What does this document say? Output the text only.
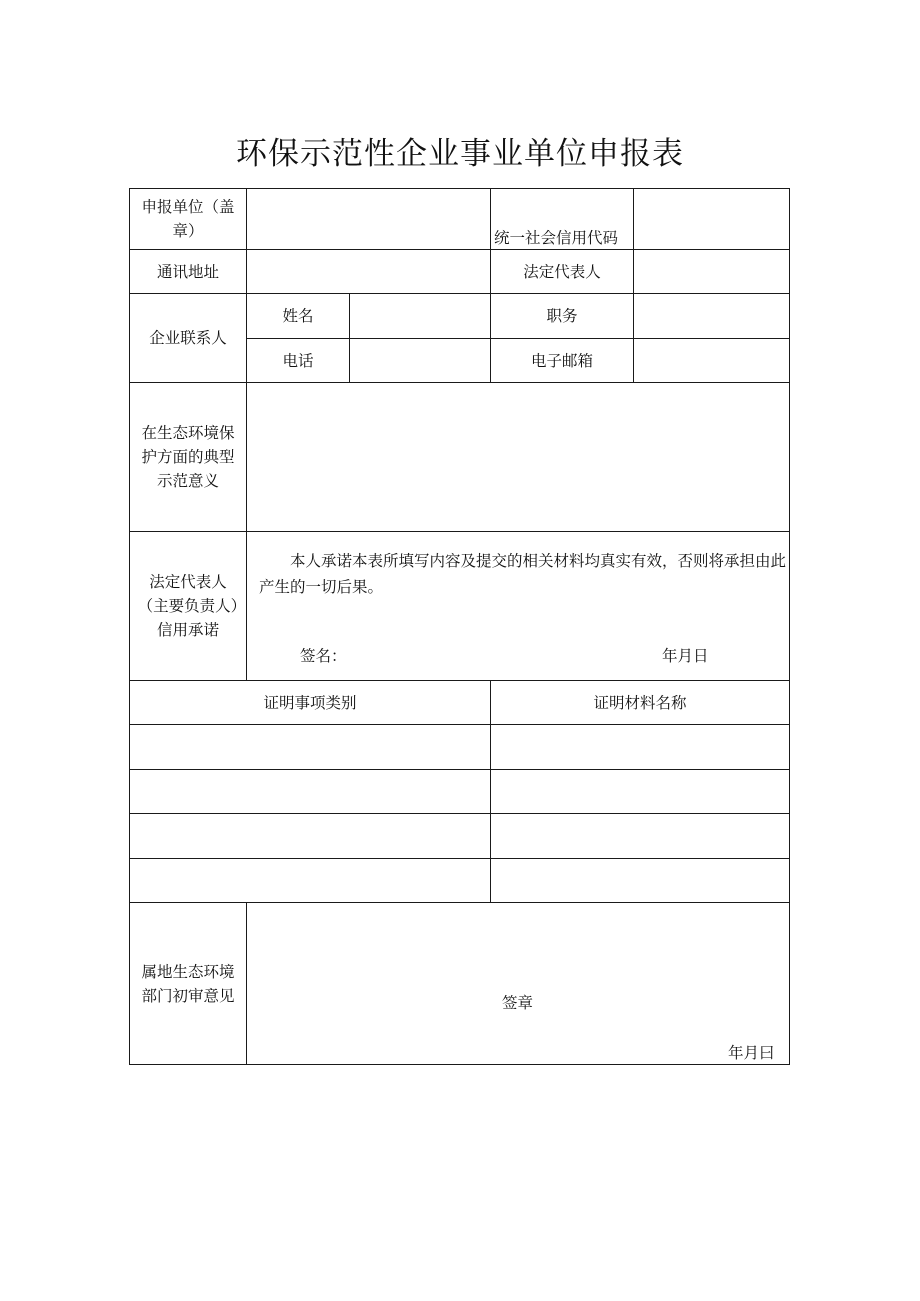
环保示范性企业事业单位申报表
申报单位（盖章）	统一社会信用代码
通讯地址	法定代表人
企业联系人
姓名	职务
电话	电子邮箱
在生态环境保护方面的典型示范意义
法定代表人（主要负责人）信用承诺
本人承诺本表所填写内容及提交的相关材料均真实有效，否则将承担由此产生的一切后果。
签名：	年月日
证明事项类别	证明材料名称
属地生态环境部门初审意见	签章
年月曰
